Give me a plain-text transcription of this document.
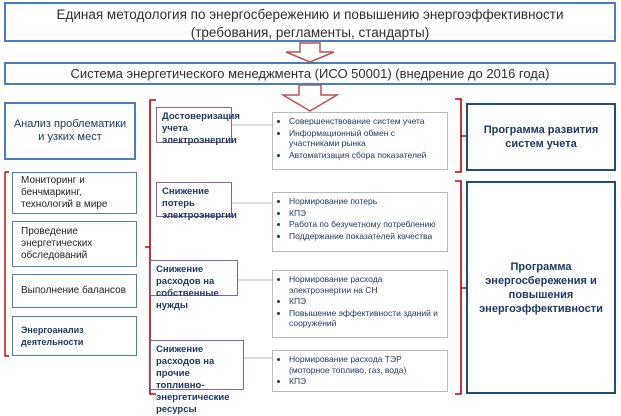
Единая методология по энергосбережению и повышению энергоэффективности
(требования, регламенты, стандарты)
Система энергетического менеджмента (ИСО 50001) (внедрение до 2016 года)
Анализ проблематики и узких мест
Мониторинг и бенчмаркинг, технологий в мире
Проведение энергетических обследований
Выполнение балансов
Энергоанализ деятельности
Достоверизация учета электроэнергии
• Совершенствование систем учета
• Информационный обмен с участниками рынка
• Автоматизация сбора показателей
Снижение потерь электроэнергии
• Нормирование потерь
• КПЭ
• Работа по безучетному потреблению
• Поддержание показателей качества
Снижение расходов на собственные нужды
• Нормирование расхода электроэнергии на СН
• КПЭ
• Повышение эффективности зданий и сооружений
Снижение расходов на прочие топливно-энергетические ресурсы
• Нормирование расхода ТЭР (моторное топливо, газ, вода)
• КПЭ
Программа развития систем учета
Программа энергосбережения и повышения энергоэффективности
